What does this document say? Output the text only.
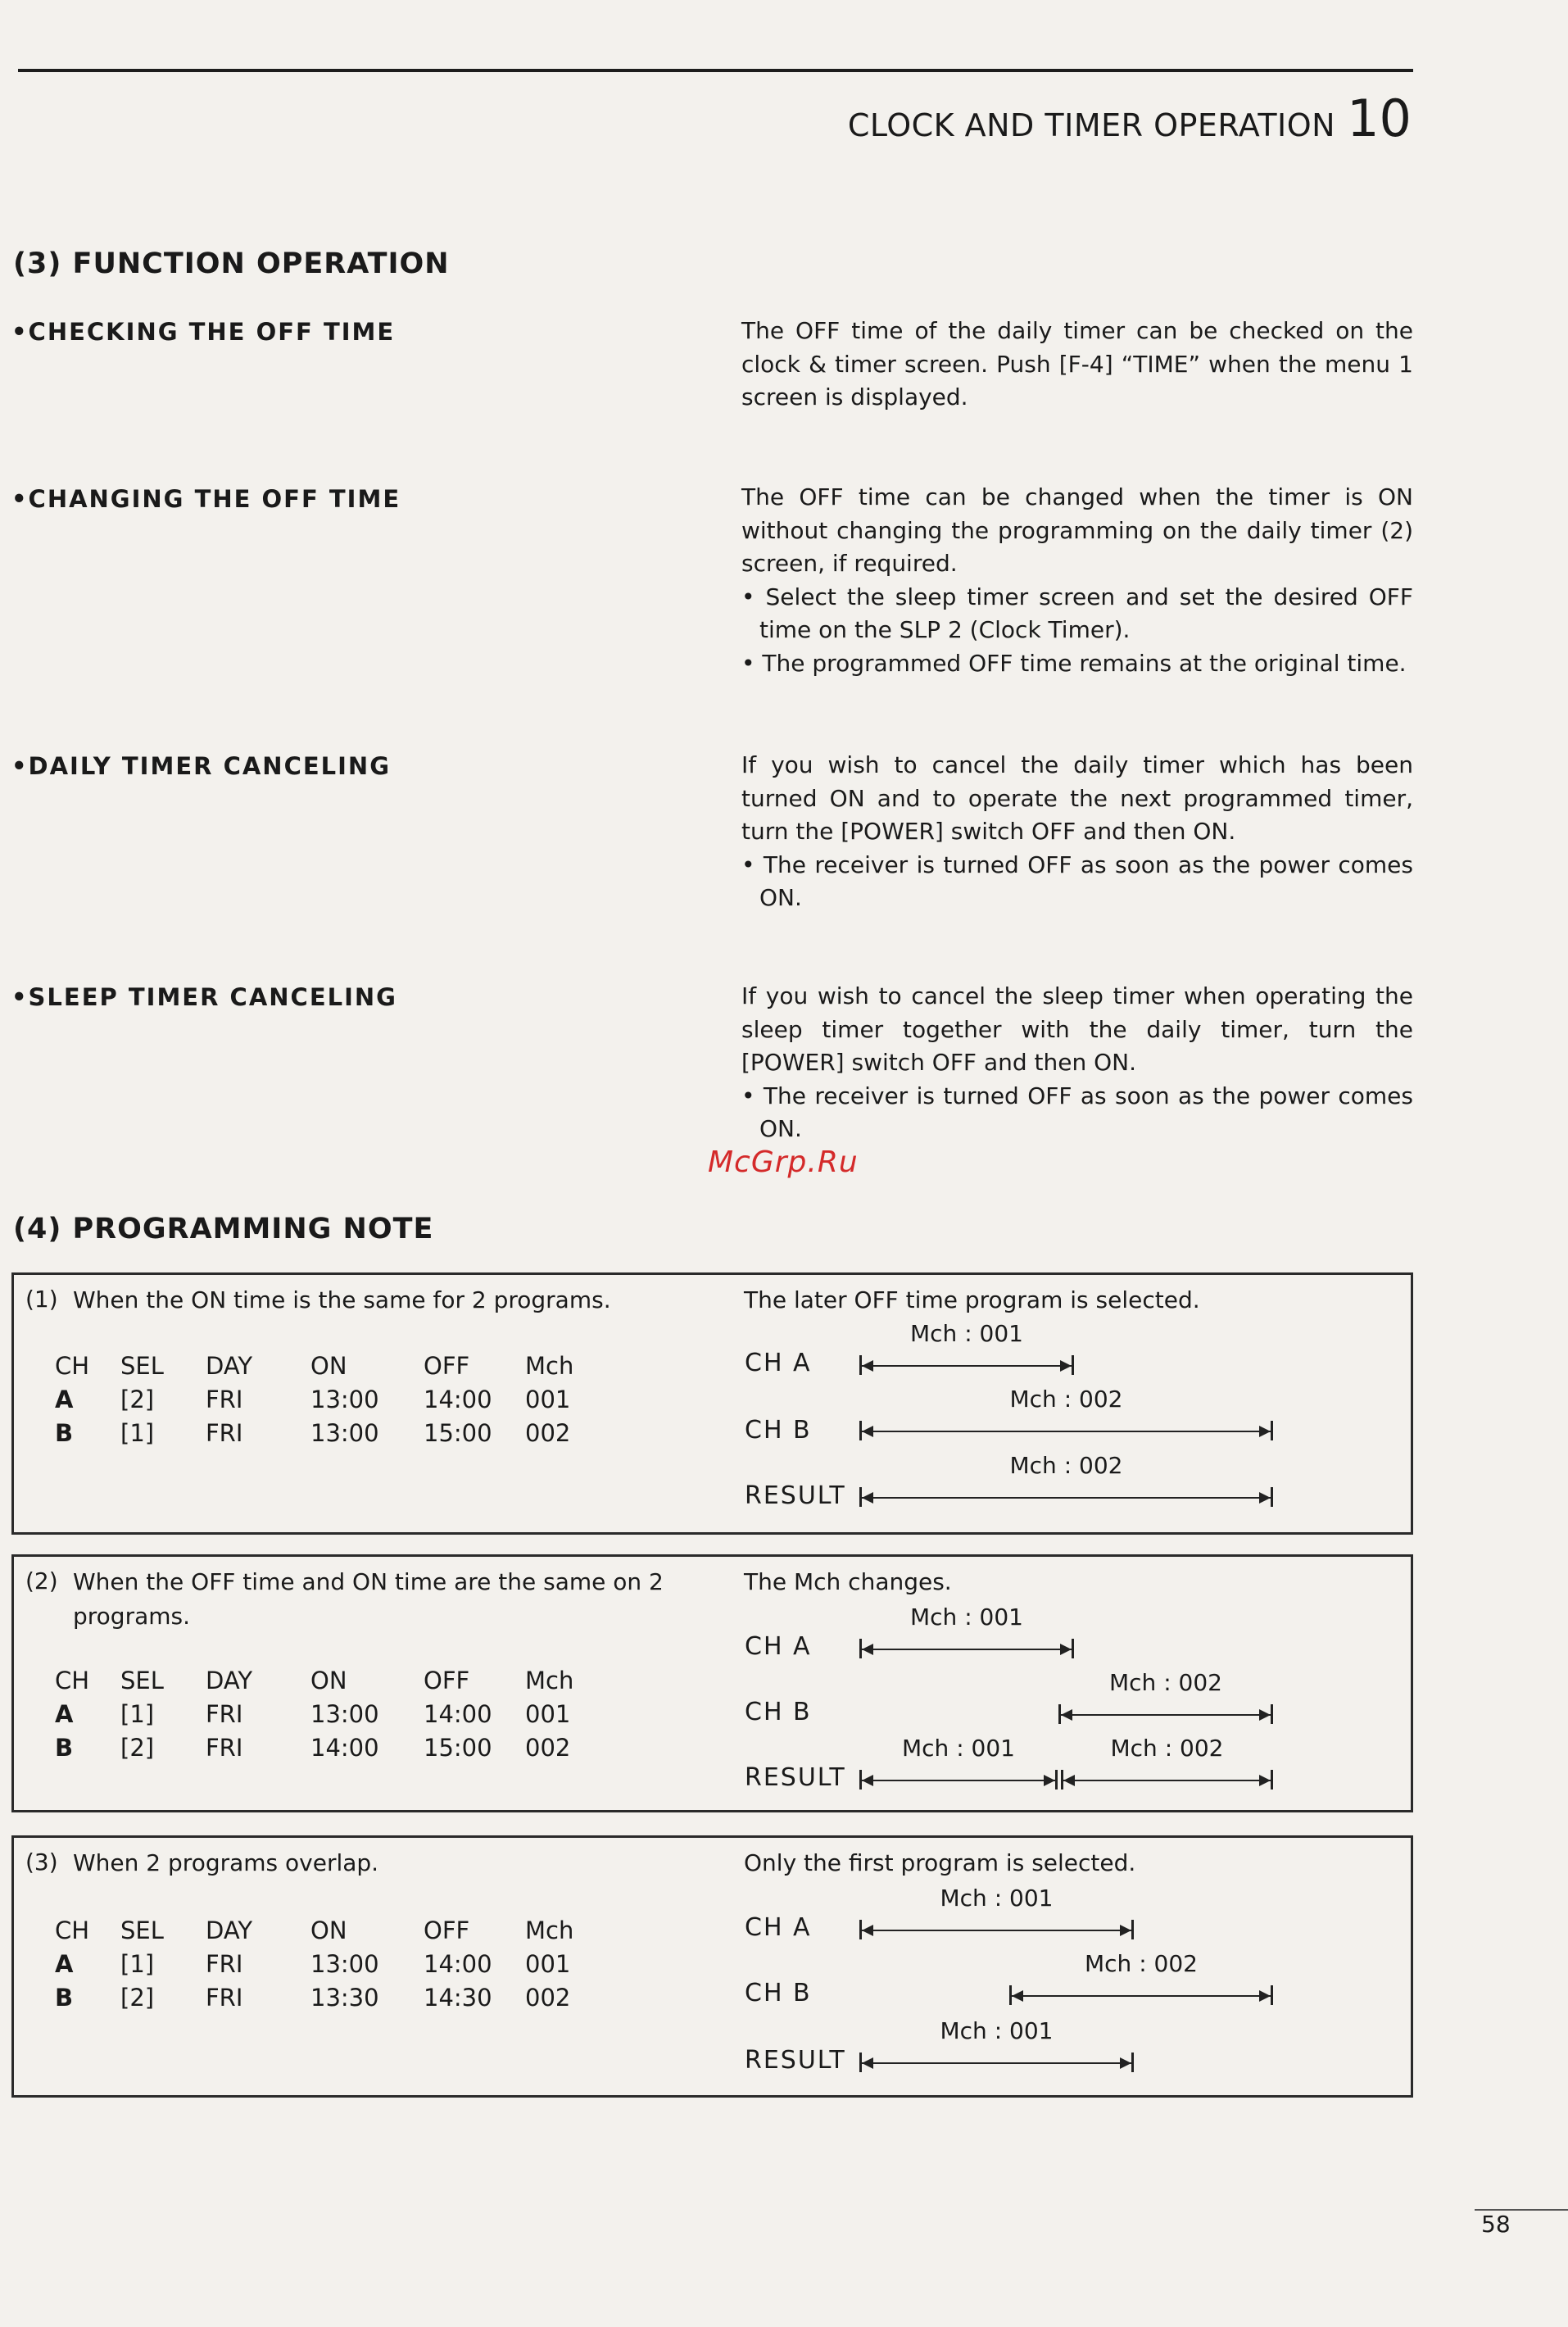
CLOCK AND TIMER OPERATION 10
(3) FUNCTION OPERATION
•CHECKING THE OFF TIME	The OFF time of the daily timer can be checked on the clock & timer screen. Push [F-4] “TIME” when the menu 1 screen is displayed.

•CHANGING THE OFF TIME	The OFF time can be changed when the timer is ON without changing the programming on the daily timer (2) screen, if required.

• Select the sleep timer screen and set the desired OFF time on the SLP 2 (Clock Timer).

• The programmed OFF time remains at the original time.

•DAILY TIMER CANCELING	If you wish to cancel the daily timer which has been turned ON and to operate the next programmed timer, turn the [POWER] switch OFF and then ON.

• The receiver is turned OFF as soon as the power comes ON.

•SLEEP TIMER CANCELING	If you wish to cancel the sleep timer when operating the sleep timer together with the daily timer, turn the [POWER] switch OFF and then ON.

• The receiver is turned OFF as soon as the power comes ON.

McGrp.Ru
(4) PROGRAMMING NOTE
(1) When the ON time is the same for 2 programs.	The later OFF time program is selected.
CH	SEL	DAY	ON	OFF	Mch
A	[2]	FRI	13:00	14:00	001
B	[1]	FRI	13:00	15:00	002
CH A
CH B
RESULT
Mch : 001
Mch : 002
Mch : 002
(2) When the OFF time and ON time are the same on 2 programs.
The Mch changes.
CH	SEL	DAY	ON	OFF	Mch
A	[1]	FRI	13:00	14:00	001
B	[2]	FRI	14:00	15:00	002
CH A
CH B
RESULT
Mch : 001
Mch : 002
Mch : 001	Mch : 002
(3) When 2 programs overlap.	Only the first program is selected.
CH	SEL	DAY	ON	OFF	Mch
A	[1]	FRI	13:00	14:00	001
B	[2]	FRI	13:30	14:30	002
CH A
CH B
RESULT
Mch : 001
Mch : 002
Mch : 001
58
